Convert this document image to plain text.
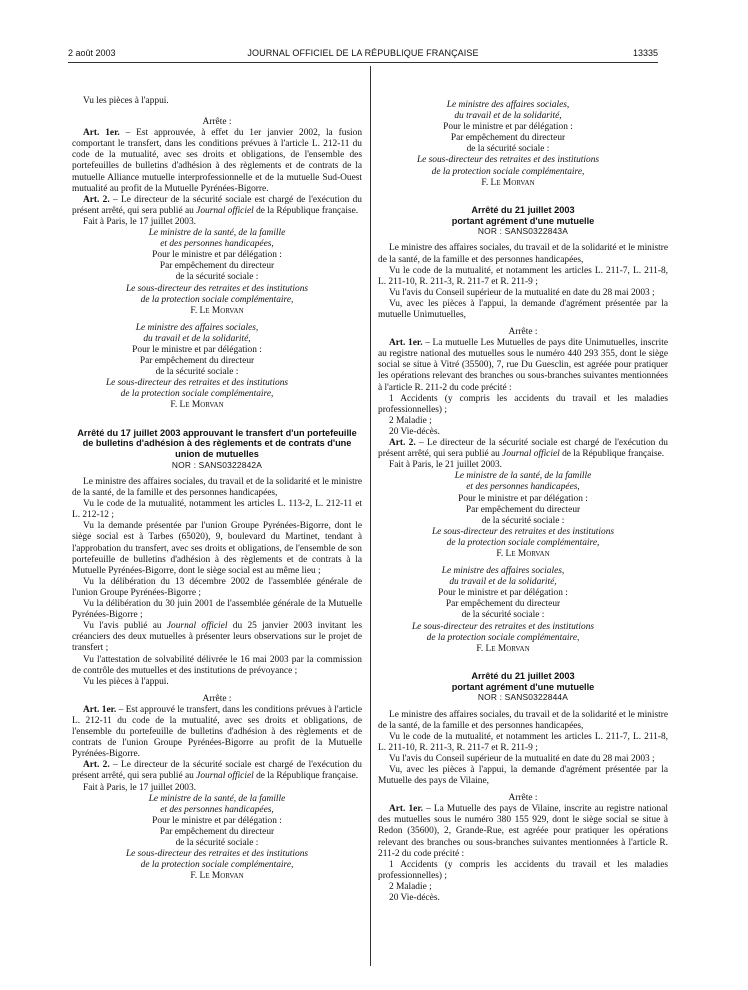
2 août 2003	JOURNAL OFFICIEL DE LA RÉPUBLIQUE FRANÇAISE	13335

Vu les pièces à l'appui.

Arrête :

Art. 1er. – Est approuvée, à effet du 1er janvier 2002, la fusion comportant le transfert, dans les conditions prévues à l'article L. 212-11 du code de la mutualité, avec ses droits et obligations, de l'ensemble des portefeuilles de bulletins d'adhésion à des règlements et de contrats de la mutuelle Alliance mutuelle interprofessionnelle et de la mutuelle Sud-Ouest mutualité au profit de la Mutuelle Pyrénées-Bigorre.

Art. 2. – Le directeur de la sécurité sociale est chargé de l'exécution du présent arrêté, qui sera publié au Journal officiel de la République française.

Fait à Paris, le 17 juillet 2003.

Le ministre de la santé, de la famille

et des personnes handicapées,

Pour le ministre et par délégation :

Par empêchement du directeur

de la sécurité sociale :

Le sous-directeur des retraites et des institutions

de la protection sociale complémentaire,

F. Le Morvan

Le ministre des affaires sociales,

du travail et de la solidarité,

Pour le ministre et par délégation :

Par empêchement du directeur

de la sécurité sociale :

Le sous-directeur des retraites et des institutions

de la protection sociale complémentaire,

F. Le Morvan

Arrêté du 17 juillet 2003 approuvant le transfert d'un portefeuille de bulletins d'adhésion à des règlements et de contrats d'une union de mutuelles

NOR : SANS0322842A

Le ministre des affaires sociales, du travail et de la solidarité et le ministre de la santé, de la famille et des personnes handicapées,

Vu le code de la mutualité, notamment les articles L. 113-2, L. 212-11 et L. 212-12 ;

Vu la demande présentée par l'union Groupe Pyrénées-Bigorre, dont le siège social est à Tarbes (65020), 9, boulevard du Martinet, tendant à l'approbation du transfert, avec ses droits et obligations, de l'ensemble de son portefeuille de bulletins d'adhésion à des règlements et de contrats à la Mutuelle Pyrénées-Bigorre, dont le siège social est au même lieu ;

Vu la délibération du 13 décembre 2002 de l'assemblée générale de l'union Groupe Pyrénées-Bigorre ;

Vu la délibération du 30 juin 2001 de l'assemblée générale de la Mutuelle Pyrénées-Bigorre ;

Vu l'avis publié au Journal officiel du 25 janvier 2003 invitant les créanciers des deux mutuelles à présenter leurs observations sur le projet de transfert ;

Vu l'attestation de solvabilité délivrée le 16 mai 2003 par la commission de contrôle des mutuelles et des institutions de prévoyance ;

Vu les pièces à l'appui.

Arrête :

Art. 1er. – Est approuvé le transfert, dans les conditions prévues à l'article L. 212-11 du code de la mutualité, avec ses droits et obligations, de l'ensemble du portefeuille de bulletins d'adhésion à des règlements et de contrats de l'union Groupe Pyrénées-Bigorre au profit de la Mutuelle Pyrénées-Bigorre.

Art. 2. – Le directeur de la sécurité sociale est chargé de l'exécution du présent arrêté, qui sera publié au Journal officiel de la République française.

Fait à Paris, le 17 juillet 2003.

Le ministre de la santé, de la famille

et des personnes handicapées,

Pour le ministre et par délégation :

Par empêchement du directeur

de la sécurité sociale :

Le sous-directeur des retraites et des institutions

de la protection sociale complémentaire,

F. Le Morvan

Le ministre des affaires sociales,

du travail et de la solidarité,

Pour le ministre et par délégation :

Par empêchement du directeur

de la sécurité sociale :

Le sous-directeur des retraites et des institutions

de la protection sociale complémentaire,

F. Le Morvan

Arrêté du 21 juillet 2003

portant agrément d'une mutuelle

NOR : SANS0322843A

Le ministre des affaires sociales, du travail et de la solidarité et le ministre de la santé, de la famille et des personnes handicapées,

Vu le code de la mutualité, et notamment les articles L. 211-7, L. 211-8, L. 211-10, R. 211-3, R. 211-7 et R. 211-9 ;

Vu l'avis du Conseil supérieur de la mutualité en date du 28 mai 2003 ;

Vu, avec les pièces à l'appui, la demande d'agrément présentée par la mutuelle Unimutuelles,

Arrête :

Art. 1er. – La mutuelle Les Mutuelles de pays dite Unimutuelles, inscrite au registre national des mutuelles sous le numéro 440 293 355, dont le siège social se situe à Vitré (35500), 7, rue Du Guesclin, est agréée pour pratiquer les opérations relevant des branches ou sous-branches suivantes mentionnées à l'article R. 211-2 du code précité :

1 Accidents (y compris les accidents du travail et les maladies professionnelles) ;

2 Maladie ;

20 Vie-décès.

Art. 2. – Le directeur de la sécurité sociale est chargé de l'exécution du présent arrêté, qui sera publié au Journal officiel de la République française.

Fait à Paris, le 21 juillet 2003.

Le ministre de la santé, de la famille

et des personnes handicapées,

Pour le ministre et par délégation :

Par empêchement du directeur

de la sécurité sociale :

Le sous-directeur des retraites et des institutions

de la protection sociale complémentaire,

F. Le Morvan

Le ministre des affaires sociales,

du travail et de la solidarité,

Pour le ministre et par délégation :

Par empêchement du directeur

de la sécurité sociale :

Le sous-directeur des retraites et des institutions

de la protection sociale complémentaire,

F. Le Morvan

Arrêté du 21 juillet 2003

portant agrément d'une mutuelle

NOR : SANS0322844A

Le ministre des affaires sociales, du travail et de la solidarité et le ministre de la santé, de la famille et des personnes handicapées,

Vu le code de la mutualité, et notamment les articles L. 211-7, L. 211-8, L. 211-10, R. 211-3, R. 211-7 et R. 211-9 ;

Vu l'avis du Conseil supérieur de la mutualité en date du 28 mai 2003 ;

Vu, avec les pièces à l'appui, la demande d'agrément présentée par la Mutuelle des pays de Vilaine,

Arrête :

Art. 1er. – La Mutuelle des pays de Vilaine, inscrite au registre national des mutuelles sous le numéro 380 155 929, dont le siège social se situe à Redon (35600), 2, Grande-Rue, est agréée pour pratiquer les opérations relevant des branches ou sous-branches suivantes mentionnées à l'article R. 211-2 du code précité :

1 Accidents (y compris les accidents du travail et les maladies professionnelles) ;

2 Maladie ;

20 Vie-décès.
